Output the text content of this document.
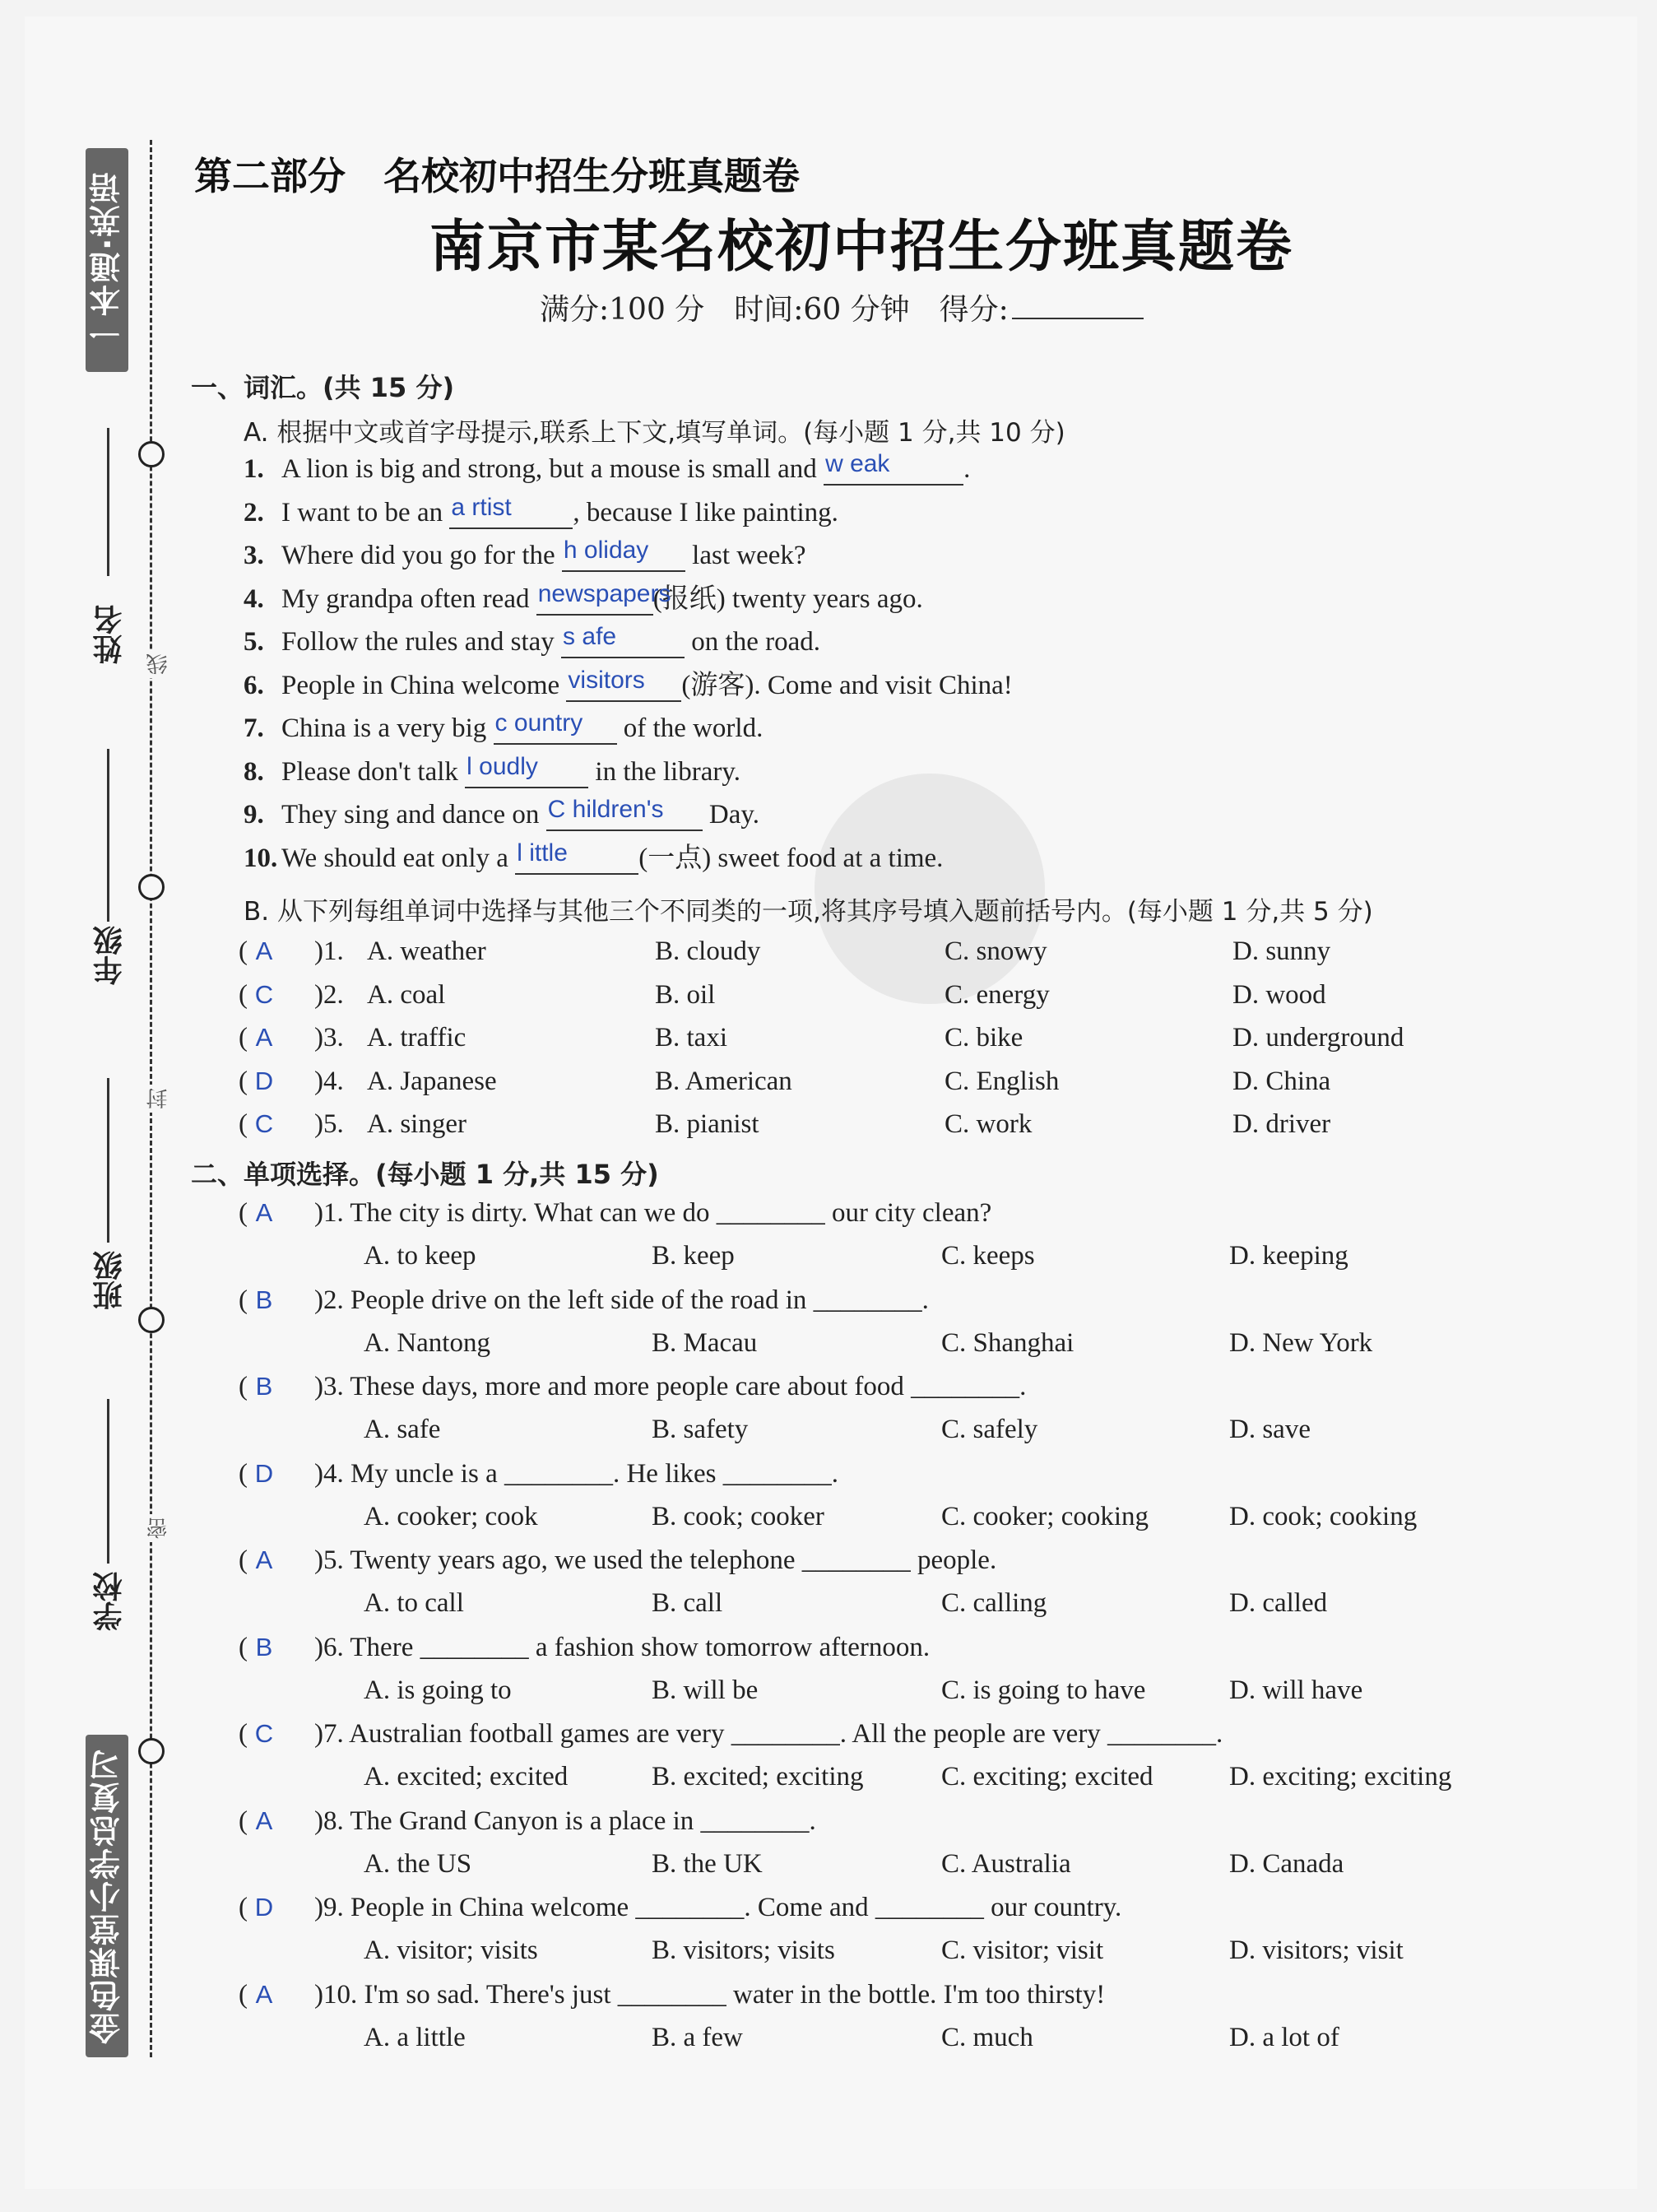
一本通·英语
金色课堂小学总复习
姓名
年级
班级
学校
线
封
密
第二部分　名校初中招生分班真题卷
南京市某名校初中招生分班真题卷
满分:100 分　时间:60 分钟　得分:
一、词汇。(共 15 分)
A. 根据中文或首字母提示,联系上下文,填写单词。(每小题 1 分,共 10 分)
1. A lion is big and strong, but a mouse is small and w eak	.
2. I want to be an a rtist , because I like painting.
3. Where did you go for the h oliday last week?
4. My grandpa often read newspapers
(报纸) twenty years ago.
5. Follow the rules and stay s afe	on the road.
6. People in China welcome visitors (游客). Come and visit China!
7. China is a very big c ountry of the world.
8. Please don't talk l oudly in the library.
9. They sing and dance on C hildren's Day.
10. We should eat only a l ittle	(一点) sweet food at a time.
B. 从下列每组单词中选择与其他三个不同类的一项,将其序号填入题前括号内。(每小题 1 分,共 5 分)
( A )1. A. weather	B. cloudy	C. snowy	D. sunny
( C )2. A. coal	B. oil	C. energy	D. wood
( A )3. A. traffic	B. taxi	C. bike	D. underground
( D )4. A. Japanese	B. American	C. English	D. China
( C )5. A. singer	B. pianist	C. work	D. driver
二、单项选择。(每小题 1 分,共 15 分)
( A )1. The city is dirty. What can we do ________ our city clean?
A. to keep	B. keep	C. keeps	D. keeping
( B )2. People drive on the left side of the road in ________.
A. Nantong	B. Macau	C. Shanghai	D. New York
( B )3. These days, more and more people care about food ________.
A. safe	B. safety	C. safely	D. save
( D )4. My uncle is a ________. He likes ________.
A. cooker; cook	B. cook; cooker	C. cooker; cooking	D. cook; cooking
( A )5. Twenty years ago, we used the telephone ________ people.
A. to call	B. call	C. calling	D. called
( B )6. There ________ a fashion show tomorrow afternoon.
A. is going to	B. will be	C. is going to have	D. will have
( C )7. Australian football games are very ________. All the people are very ________.
A. excited; excited	B. excited; exciting	C. exciting; excited	D. exciting; exciting
( A )8. The Grand Canyon is a place in ________.
A. the US	B. the UK	C. Australia	D. Canada
( D )9. People in China welcome ________. Come and ________ our country.
A. visitor; visits	B. visitors; visits	C. visitor; visit	D. visitors; visit
( A )10. I'm so sad. There's just ________ water in the bottle. I'm too thirsty!
A. a little	B. a few	C. much	D. a lot of
